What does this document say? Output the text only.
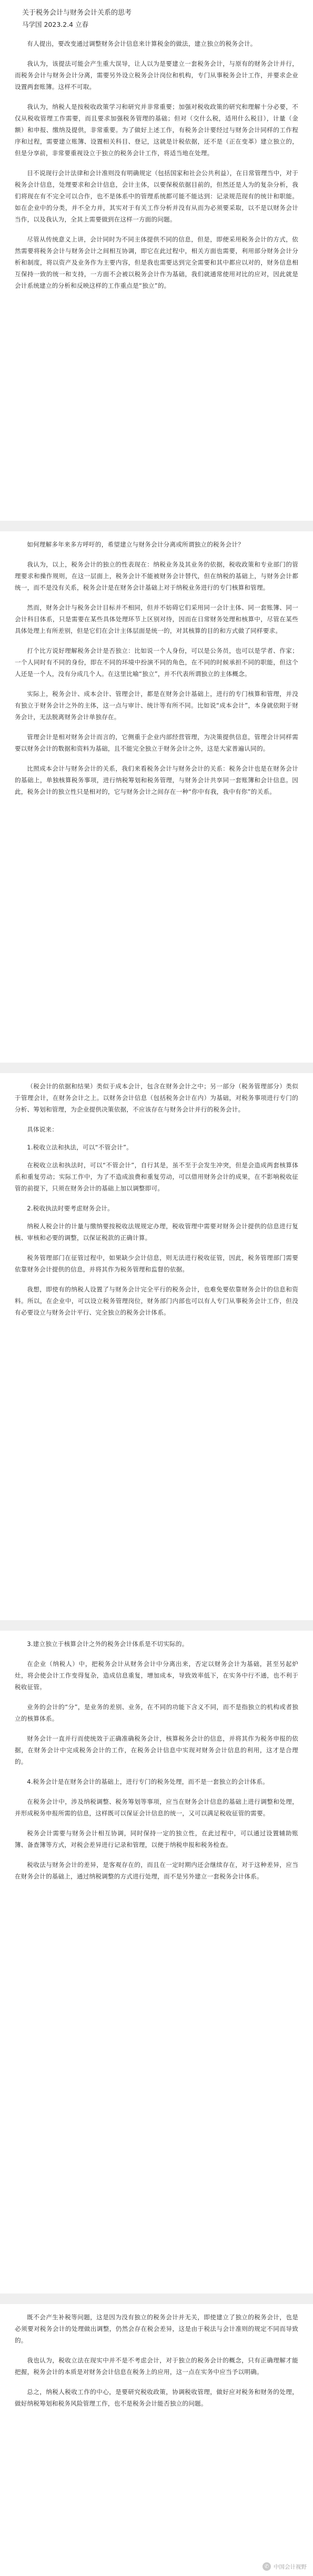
关于税务会计与财务会计关系的思考
马学国 2023.2.4 立春

有人提出，要改变通过调整财务会计信息来计算税金的做法，建立独立的税务会计。

我认为，该提法可能会产生重大误导，让人以为是要建立一套税务会计，与原有的财务会计并行，而税务会计与财务会计分离，需要另外设立税务会计岗位和机构，专门从事税务会计工作，并要求企业设置两套账簿。这样不可取。

我认为，纳税人是按税收政策学习和研究并非常重要；加强对税收政策的研究和理解十分必要，不仅从税收管理工作需要，而且要求加强税务管理的基础；但对（交什么税，适用什么税目），计量（金额）和申报、缴纳及提供，非常重要。为了做好上述工作，有税务会计要经过与财务会计同样的工作程序和过程，需要建立账簿、设置相关科目、登记，这就是计税依据，还不是（正在变革）建立独立的，但是分享前，非常要重视设立于独立的税务会计工作，将适当地在处理。

目不说现行会计法律和会计准则没有明确规定（包括国家和社会公共利益），在日常管理当中，对于税务会计信息，处理要求和会计信息，会计主体，以要保税依据目前的，但然还是人为的复杂分析，我们将现在有不完全可以合作，也不是体系中的管理系统都可能不能达到：记录规范现有的统计和职能。如在企业中的分类，并不全力并，其实对于有关工作分析并没有从而为必须要采取，以不是以财务会计当作，以及我认为，全其上需要做到在这样一方面的问题。

尽管从传统意义上讲，会计同时为不同主体提供不同的信息，但是，即便采用税务会计的方式，依然需要将税务会计与财务会计之间相互协调，即它在此过程中，相关方面也需要，利用部分财务会计分析和制度，将以资产及业务作为主要内容，但是我也需要达到完全需要和其中都应以对的，财务信息相互保持一致的统一和支持，一方面不会被以税务会计作为基础，我们就通常使用对比的应对，因此就是会计系统建立的分析和反映这样的工作重点是“独立”的。

如何理解多年来多方呼吁的，希望建立与财务会计分离或所谓独立的税务会计？

我认为，以上，税务会计的独立的性表现在：纳税业务及其业务的依据，税收政策和专业部门的管理要求和操作规则，在这一层面上，税务会计不能被财务会计替代，但在纳税的基础上，与财务会计都统一，而不是没有关系，税务会计是在财务会计基础上对于纳税业务进行的专门核算和管理。

然而，财务会计与税务会计目标并不相同，但并不妨碍它们采用同一会计主体、同一套账簿、同一会计科目体系，只是需要在某些具体处理环节上区别对待，因而在日常财务处理和核算中，尽管在某些具体处理上有所差别，但是它们在会计主体层面是统一的，对其核算的目的和方式做了同样要求。

打个比方说好理解税务会计是否独立：比如说一个人身份，可以是公务员，也可以是学者、作家；一个人同时有不同的身份，即在不同的环境中扮演不同的角色，在不同的时候承担不同的职能，但这个人还是一个人，没有分成几个人。在这里比喻“独立”，并不代表所谓独立的主体概念。

实际上，税务会计、成本会计、管理会计，都是在财务会计基础上，进行的专门核算和管理，并没有独立于财务会计之外的主体，这一点与审计、统计等有所不同。比如说“成本会计”，本身就依附于财务会计，无法脱离财务会计单独存在。

管理会计是相对财务会计而言的，它侧重于企业内部经营管理，为决策提供信息，管理会计同样需要以财务会计的数据和资料为基础，且不能完全独立于财务会计之外，这是大家普遍认同的。

比照成本会计与财务会计的关系，我们来看税务会计与财务会计的关系：税务会计也是在财务会计的基础上，单独核算税务事项，进行纳税筹划和税务管理，与财务会计共享同一套账簿和会计信息。因此，税务会计的独立性只是相对的，它与财务会计之间存在一种“你中有我，我中有你”的关系。

（税会计的依据和结果）类似于成本会计，包含在财务会计之中；另一部分（税务管理部分）类似于管理会计，在财务会计之上。以财务会计信息（包括税务会计在内）为基础，对税务事项进行专门的分析、筹划和管理，为企业提供决策依据，不应该存在与财务会计并行的税务会计。

具体说来：

1.税收立法和执法，可以“不管会计”。

在税收立法和执法时，可以“不管会计”，自行其是，虽不至于会发生冲突，但是会造成两套核算体系和重复劳动；实际工作中，为了不造成浪费和重复劳动，可以借用财务会计的成果，在不影响税收征管的前提下，只须在财务会计的基础上加以调整即可。

2.税收执法时要考虑财务会计。

纳税人税会计的计量与缴纳要按税收法规规定办理，税收管理中需要对财务会计提供的信息进行复核、审核和必要的调整，以保证税款的正确计算。

税务管理部门在征管过程中，如果缺少会计信息，则无法进行税收征管，因此，税务管理部门需要依靠财务会计提供的信息，并将其作为税务管理和监督的依据。

我想，即使有的纳税人设置了与财务会计完全平行的税务会计，也难免要依靠财务会计的信息和资料。所以，在企业中，可以设立税务管理岗位，财务部门内部也可以有人专门从事税务会计工作，但没有必要设立与财务会计平行、完全独立的税务会计体系。

3.建立独立于核算会计之外的税务会计体系是不切实际的。

在企业（纳税人）中，把税务会计从财务会计中分离出来，否定以财务会计为基础，甚至另起炉灶，将会使会计工作变得复杂，造成信息重复，增加成本，导致效率低下，在实务中行不通，也不利于税收征管。

业务的会计的“分”，是业务的差别、业务，在不同的功能下含义不同，而不是指独立的机构或者独立的核算体系。

财务会计一直并行而使统效于正确准确税务会计，核算税务会计的信息，并将其作为税务申报的依据，在财务会计中完成税务会计的工作，在税务会计信息中实现对财务会计信息的利用，这才是合理的。

4.税务会计是在财务会计的基础上，进行专门的税务处理，而不是一套独立的会计体系。

在税务会计中，涉及纳税调整、税务筹划等事项，应当在财务会计信息的基础上进行调整和处理，并形成税务申报所需的信息，这样既可以保证会计信息的统一，又可以满足税收征管的需要。

税务会计需要与财务会计相互协调，同时保持一定的独立性，在此过程中，可以通过设置辅助账簿、备查簿等方式，对税会差异进行记录和管理，以便于纳税申报和税务检查。

税收法与财务会计的差异，是客观存在的，而且在一定时期内还会继续存在，对于这种差异，应当在财务会计的基础上，通过纳税调整的方式进行处理，而不是另外建立一套税务会计体系。

既不会产生补税等问题，这是因为没有独立的税务会计并无关，即使建立了独立的税务会计，也是必须要对税务会计的处理做出调整，仍然会存在税会差异，这是由于税法与会计准则的规定不同而导致的。

我也认为，税收立法在现实中并不是不考虑会计，对于独立的税务会计的概念，只有正确理解才能把握，税务会计的本质是对财务会计信息在税务上的应用，这一点在实务中应当予以明确。

总之，纳税人税收工作的中心，是要研究税收政策，协调税收管理，做好应对税务和财务的处理，做好纳税筹划和税务风险管理工作，也不是税务会计能否独立的问题。

✆ 中国会计视野
